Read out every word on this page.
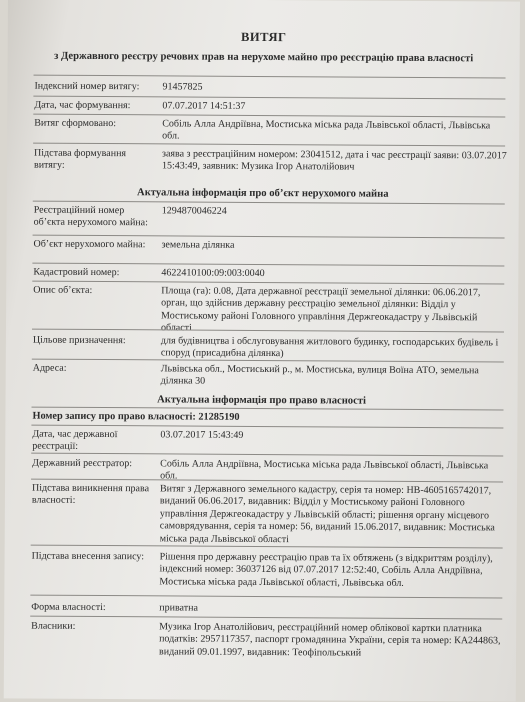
ВИТЯГ
з Державного реєстру речових прав на нерухоме майно про реєстрацію права власності
Індексний номер витягу:	91457825
Дата, час формування:	07.07.2017 14:51:37
Витяг сформовано:	Собіль Алла Андріївна, Мостиська міська рада Львівської області, Львівська обл.
Підстава формування витягу:
заява з реєстраційним номером: 23041512, дата і час реєстрації заяви: 03.07.2017 15:43:49, заявник: Музика Ігор Анатолійович
Актуальна інформація про об’єкт нерухомого майна
Реєстраційний номер об’єкта нерухомого майна:
1294870046224
Об’єкт нерухомого майна:	земельна ділянка
Кадастровий номер:	4622410100:09:003:0040
Опис об’єкта:	Площа (га): 0.08, Дата державної реєстрації земельної ділянки: 06.06.2017, орган, що здійснив державну реєстрацію земельної ділянки: Відділ у Мостиському районі Головного управління Держгеокадастру у Львівській області
Цільове призначення:	для будівництва і обслуговування житлового будинку, господарських будівель і споруд (присадибна ділянка)
Адреса:	Львівська обл., Мостиський р., м. Мостиська, вулиця Воїна АТО, земельна ділянка 30
Актуальна інформація про право власності
Номер запису про право власності: 21285190
Дата, час державної реєстрації:
03.07.2017 15:43:49
Державний реєстратор:	Собіль Алла Андріївна, Мостиська міська рада Львівської області, Львівська обл.
Підстава виникнення права власності:
Витяг з Державного земельного кадастру, серія та номер: НВ-4605165742017, виданий 06.06.2017, видавник: Відділ у Мостиському районі Головного управління Держгеокадастру у Львівській області; рішення органу місцевого самоврядування, серія та номер: 56, виданий 15.06.2017, видавник: Мостиська міська рада Львівської області
Підстава внесення запису:	Рішення про державну реєстрацію прав та їх обтяжень (з відкриттям розділу), індексний номер: 36037126 від 07.07.2017 12:52:40, Собіль Алла Андріївна, Мостиська міська рада Львівської області, Львівська обл.
Форма власності:	приватна
Власники:	Музика Ігор Анатолійович, реєстраційний номер облікової картки платника податків: 2957117357, паспорт громадянина України, серія та номер: КА244863, виданий 09.01.1997, видавник: Теофіпольський
